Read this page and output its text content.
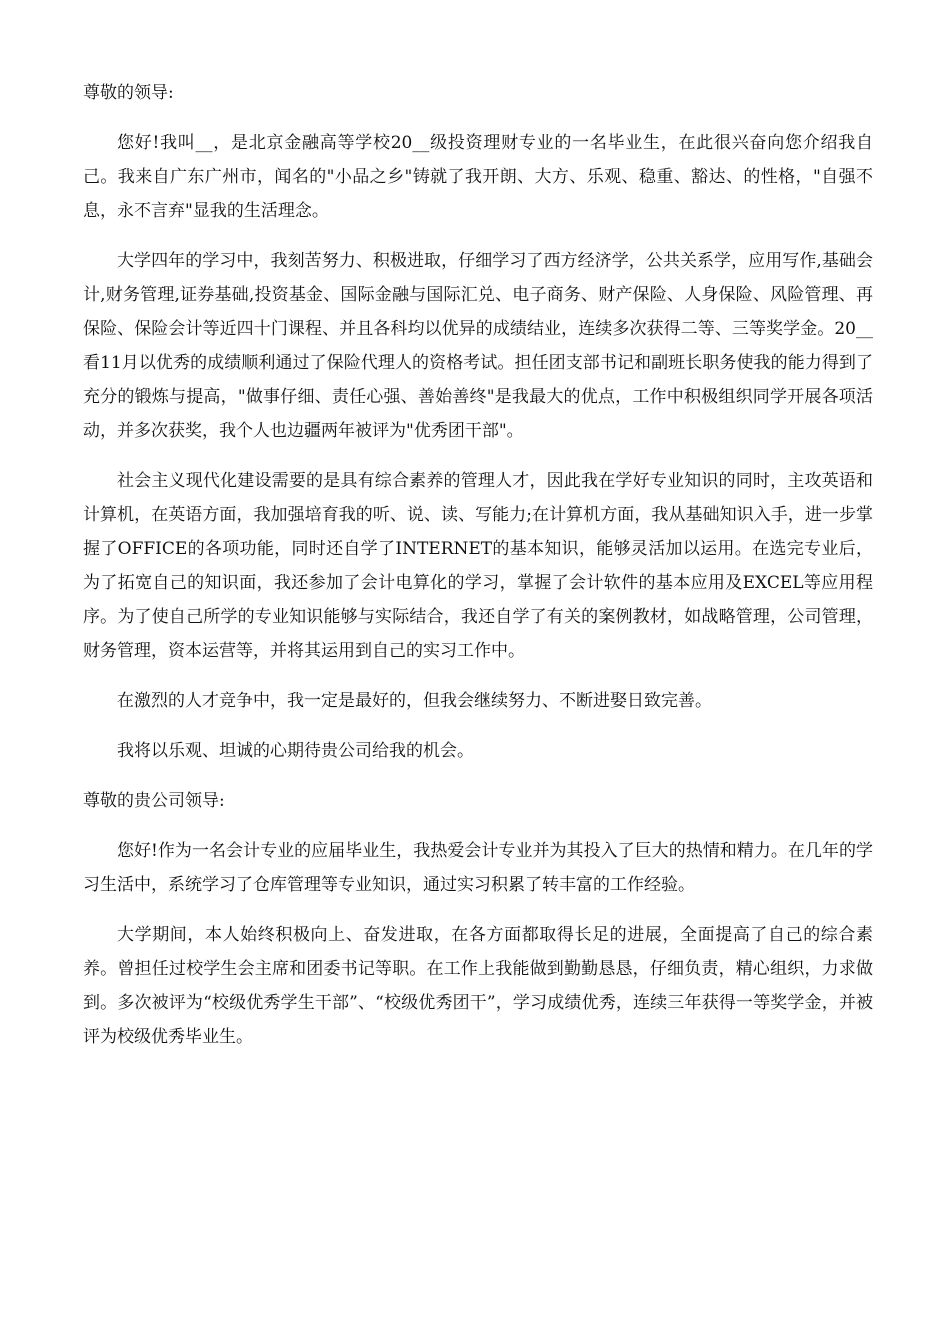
尊敬的领导:

您好!我叫__，是北京金融高等学校20__级投资理财专业的一名毕业生，在此很兴奋向您介绍我自己。我来自广东广州市，闻名的"小品之乡"铸就了我开朗、大方、乐观、稳重、豁达、的性格，"自强不息，永不言弃"显我的生活理念。

大学四年的学习中，我刻苦努力、积极进取，仔细学习了西方经济学，公共关系学，应用写作,基础会计,财务管理,证券基础,投资基金、国际金融与国际汇兑、电子商务、财产保险、人身保险、风险管理、再保险、保险会计等近四十门课程、并且各科均以优异的成绩结业，连续多次获得二等、三等奖学金。20__看11月以优秀的成绩顺利通过了保险代理人的资格考试。担任团支部书记和副班长职务使我的能力得到了充分的锻炼与提高，"做事仔细、责任心强、善始善终"是我最大的优点，工作中积极组织同学开展各项活动，并多次获奖，我个人也边疆两年被评为"优秀团干部"。

社会主义现代化建设需要的是具有综合素养的管理人才，因此我在学好专业知识的同时，主攻英语和计算机，在英语方面，我加强培育我的听、说、读、写能力;在计算机方面，我从基础知识入手，进一步掌握了OFFICE的各项功能，同时还自学了INTERNET的基本知识，能够灵活加以运用。在选完专业后，为了拓宽自己的知识面，我还参加了会计电算化的学习，掌握了会计软件的基本应用及EXCEL等应用程序。为了使自己所学的专业知识能够与实际结合，我还自学了有关的案例教材，如战略管理，公司管理，财务管理，资本运营等，并将其运用到自己的实习工作中。

在激烈的人才竞争中，我一定是最好的，但我会继续努力、不断进娶日致完善。

我将以乐观、坦诚的心期待贵公司给我的机会。

尊敬的贵公司领导:

您好!作为一名会计专业的应届毕业生，我热爱会计专业并为其投入了巨大的热情和精力。在几年的学习生活中，系统学习了仓库管理等专业知识，通过实习积累了转丰富的工作经验。

大学期间，本人始终积极向上、奋发进取，在各方面都取得长足的进展，全面提高了自己的综合素养。曾担任过校学生会主席和团委书记等职。在工作上我能做到勤勤恳恳，仔细负责，精心组织，力求做到。多次被评为“校级优秀学生干部”、“校级优秀团干”，学习成绩优秀，连续三年获得一等奖学金，并被评为校级优秀毕业生。
